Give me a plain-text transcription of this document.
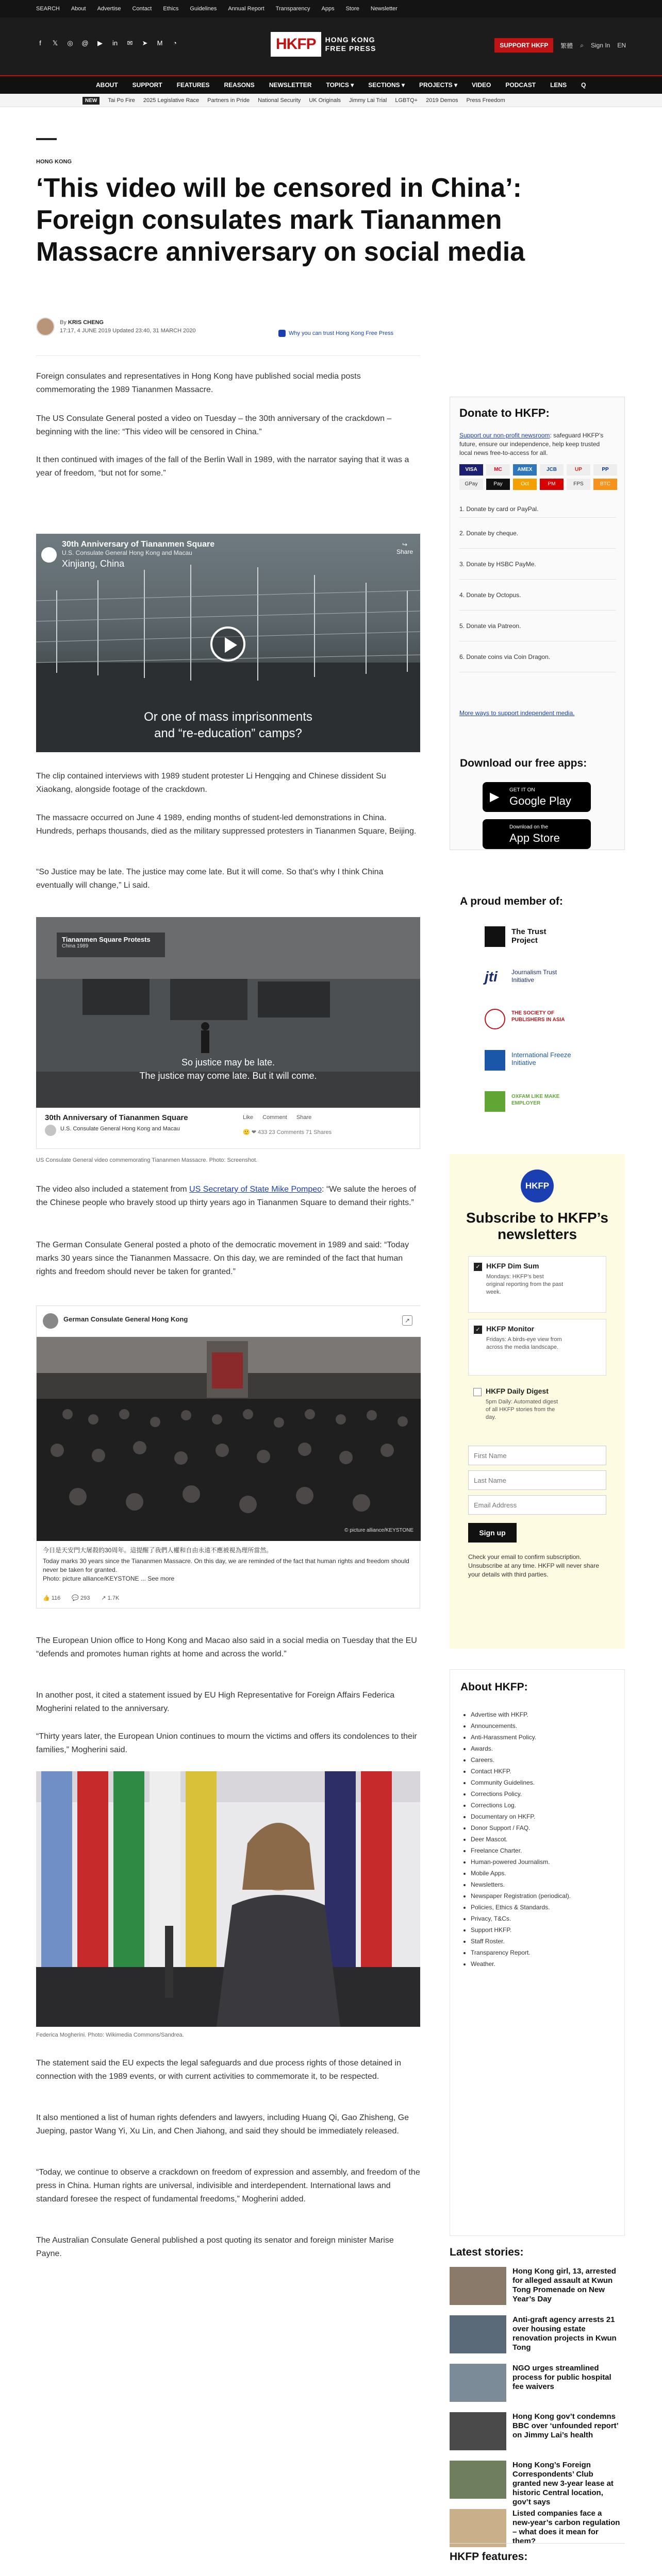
SEARCH About Advertise Contact Ethics Guidelines Annual Report Transparency Apps Store Newsletter
f	𝕏 ◎ @ ▶ in ✉ ➤ M	◔	HKFP	HONG KONG
FREE PRESS	SUPPORT HKFP	繁體 ⌕ Sign In EN
ABOUT SUPPORT FEATURES REASONS NEWSLETTER TOPICS ▾ SECTIONS ▾ PROJECTS ▾ VIDEO PODCAST LENS Q
NEW	Tai Po Fire 2025 Legislative Race Partners in Pride National Security UK Originals Jimmy Lai Trial LGBTQ+ 2019 Demos Press Freedom
HONG KONG
‘This video will be censored in China’: Foreign consulates mark Tiananmen Massacre anniversary on social media
By KRIS CHENG
17:17, 4 JUNE 2019 Updated 23:40, 31 MARCH 2020	Why you can trust Hong Kong Free Press

Foreign consulates and representatives in Hong Kong have published social media posts commemorating the 1989 Tiananmen Massacre.

The US Consulate General posted a video on Tuesday – the 30th anniversary of the crackdown – beginning with the line: “This video will be censored in China.”

It then continued with images of the fall of the Berlin Wall in 1989, with the narrator saying that it was a year of freedom, “but not for some.”

30th Anniversary of Tiananmen Square
U.S. Consulate General Hong Kong and Macau
Xinjiang, China
↪
Share
Or one of mass imprisonments
and “re-education” camps?

The clip contained interviews with 1989 student protester Li Hengqing and Chinese dissident Su Xiaokang, alongside footage of the crackdown.

The massacre occurred on June 4 1989, ending months of student-led demonstrations in China. Hundreds, perhaps thousands, died as the military suppressed protesters in Tiananmen Square, Beijing.

“So Justice may be late. The justice may come late. But it will come. So that’s why I think China eventually will change,” Li said.

Tiananmen Square Protests
China 1989
So justice may be late.
The justice may come late. But it will come.
30th Anniversary of Tiananmen Square
U.S. Consulate General Hong Kong and Macau
Like Comment Share
🙂 ❤ 433 23 Comments 71 Shares
US Consulate General video commemorating Tiananmen Massacre. Photo: Screenshot.

The video also included a statement from US Secretary of State Mike Pompeo: “We salute the heroes of the Chinese people who bravely stood up thirty years ago in Tiananmen Square to demand their rights.”

The German Consulate General posted a photo of the democratic movement in 1989 and said: “Today marks 30 years since the Tiananmen Massacre. On this day, we are reminded of the fact that human rights and freedom should never be taken for granted.”

German Consulate General Hong Kong	↗
© picture alliance/KEYSTONE
今日是天安門大屠殺的30周年。這提醒了我們人權和自由永遠不應被視為理所當然。
Today marks 30 years since the Tiananmen Massacre. On this day, we are reminded of the fact that human rights and freedom should never be taken for granted.
Photo: picture alliance/KEYSTONE ... See more
👍 116 💬 293 ↗ 1.7K

The European Union office to Hong Kong and Macao also said in a social media on Tuesday that the EU “defends and promotes human rights at home and across the world.”

In another post, it cited a statement issued by EU High Representative for Foreign Affairs Federica Mogherini related to the anniversary.

“Thirty years later, the European Union continues to mourn the victims and offers its condolences to their families,” Mogherini said.

Federica Mogherini. Photo: Wikimedia Commons/Sandrea.

The statement said the EU expects the legal safeguards and due process rights of those detained in connection with the 1989 events, or with current activities to commemorate it, to be respected.

It also mentioned a list of human rights defenders and lawyers, including Huang Qi, Gao Zhisheng, Ge Jueping, pastor Wang Yi, Xu Lin, and Chen Jiahong, and said they should be immediately released.

“Today, we continue to observe a crackdown on freedom of expression and assembly, and freedom of the press in China. Human rights are universal, indivisible and interdependent. International laws and standard foresee the respect of fundamental freedoms,” Mogherini added.

The Australian Consulate General published a post quoting its senator and foreign minister Marise Payne.

Donate to HKFP:
Support our non-profit newsroom: safeguard HKFP’s future, ensure our independence, help keep trusted local news free-to-access for all.
VISA	MC	AMEX	JCB	UP	PP
GPay	Pay	Oct	PM	FPS	BTC
1. Donate by card or PayPal.
2. Donate by cheque.
3. Donate by HSBC PayMe.
4. Donate by Octopus.
5. Donate via Patreon.
6. Donate coins via Coin Dragon.
More ways to support independent media.
Download our free apps:
▶ GET IT ON
Google Play
Download on the
App Store
A proud member of:
The Trust Project
jti Journalism Trust Initiative
THE SOCIETY OF PUBLISHERS IN ASIA
International Freeze Initiative
OXFAM LIKE MAKE EMPLOYER
HKFP
Subscribe to HKFP’s newsletters
✓ HKFP Dim Sum
Mondays: HKFP’s best original reporting from the past week.
✓ HKFP Monitor
Fridays: A birds-eye view from across the media landscape.
HKFP Daily Digest
5pm Daily: Automated digest of all HKFP stories from the day.
First Name
Last Name
Email Address
Sign up
Check your email to confirm subscription. Unsubscribe at any time. HKFP will never share your details with third parties.
About HKFP:
• Advertise with HKFP.
• Announcements.
• Anti-Harassment Policy.
• Awards.
• Careers.
• Contact HKFP.
• Community Guidelines.
• Corrections Policy.
• Corrections Log.
• Documentary on HKFP.
• Donor Support / FAQ.
• Deer Mascot.
• Freelance Charter.
• Human-powered Journalism.
• Mobile Apps.
• Newsletters.
• Newspaper Registration (periodical).
• Policies, Ethics & Standards.
• Privacy, T&Cs.
• Support HKFP.
• Staff Roster.
• Transparency Report.
• Weather.
Latest stories:
Hong Kong girl, 13, arrested for alleged assault at Kwun Tong Promenade on New Year’s Day
Anti-graft agency arrests 21 over housing estate renovation projects in Kwun Tong
NGO urges streamlined process for public hospital fee waivers
Hong Kong gov’t condemns BBC over ‘unfounded report’ on Jimmy Lai’s health
Hong Kong’s Foreign Correspondents’ Club granted new 3-year lease at historic Central location, gov’t says
Listed companies face a new-year’s carbon regulation – what does it mean for them?
HKFP features:
